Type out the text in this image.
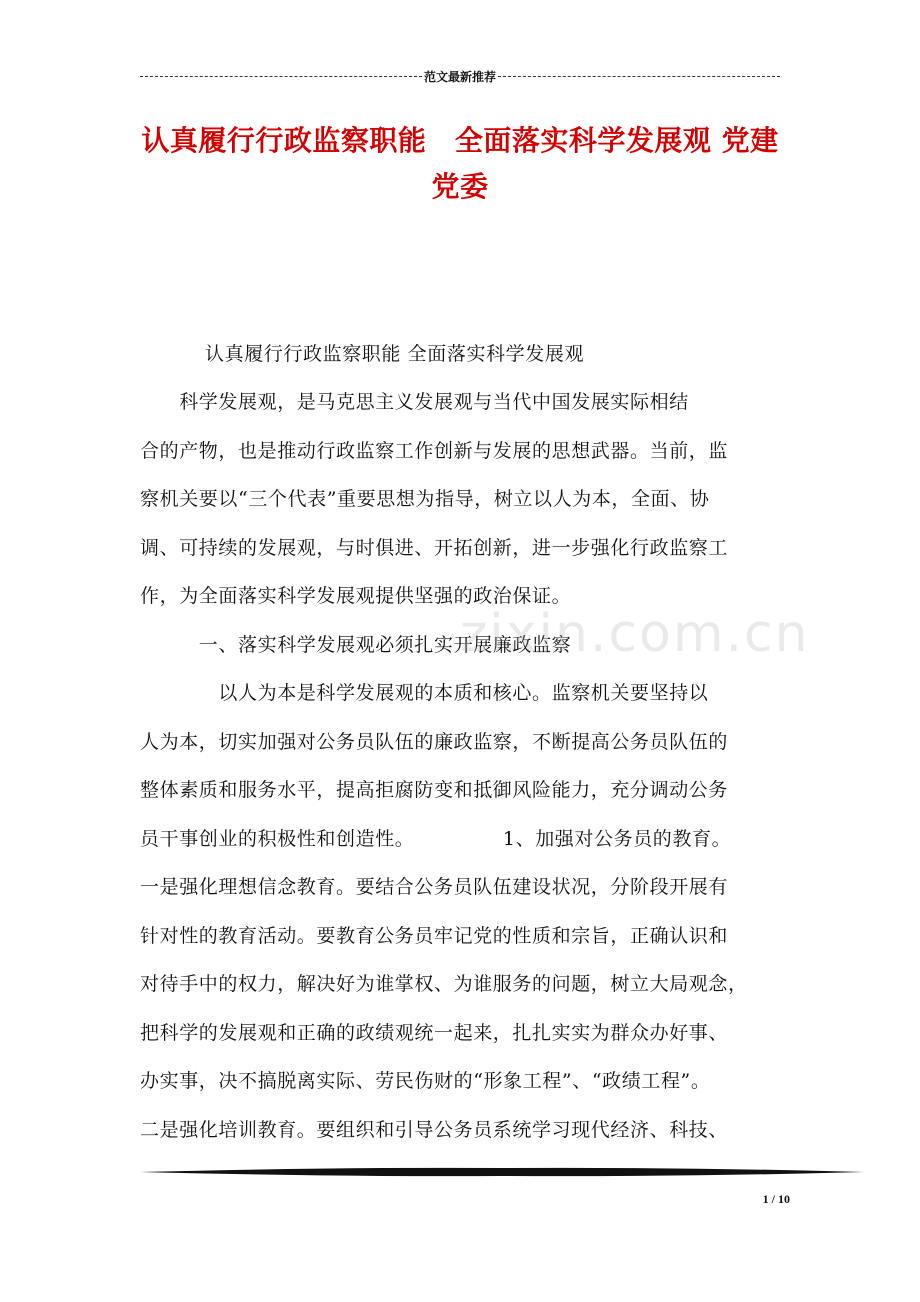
范文最新推荐
认真履行行政监察职能　全面落实科学发展观 党建
党委
认真履行行政监察职能 全面落实科学发展观
　　科学发展观，是马克思主义发展观与当代中国发展实际相结
合的产物，也是推动行政监察工作创新与发展的思想武器。当前，监
察机关要以“三个代表”重要思想为指导，树立以人为本，全面、协
调、可持续的发展观，与时俱进、开拓创新，进一步强化行政监察工
作，为全面落实科学发展观提供坚强的政治保证。
　　　一、落实科学发展观必须扎实开展廉政监察
　　　　以人为本是科学发展观的本质和核心。监察机关要坚持以
人为本，切实加强对公务员队伍的廉政监察，不断提高公务员队伍的
整体素质和服务水平，提高拒腐防变和抵御风险能力，充分调动公务
员干事创业的积极性和创造性。　　　　　1、加强对公务员的教育。
一是强化理想信念教育。要结合公务员队伍建设状况，分阶段开展有
针对性的教育活动。要教育公务员牢记党的性质和宗旨，正确认识和
对待手中的权力，解决好为谁掌权、为谁服务的问题，树立大局观念，
把科学的发展观和正确的政绩观统一起来，扎扎实实为群众办好事、
办实事，决不搞脱离实际、劳民伤财的“形象工程”、“政绩工程”。
二是强化培训教育。要组织和引导公务员系统学习现代经济、科技、
zixin.com.cn
1 / 10
